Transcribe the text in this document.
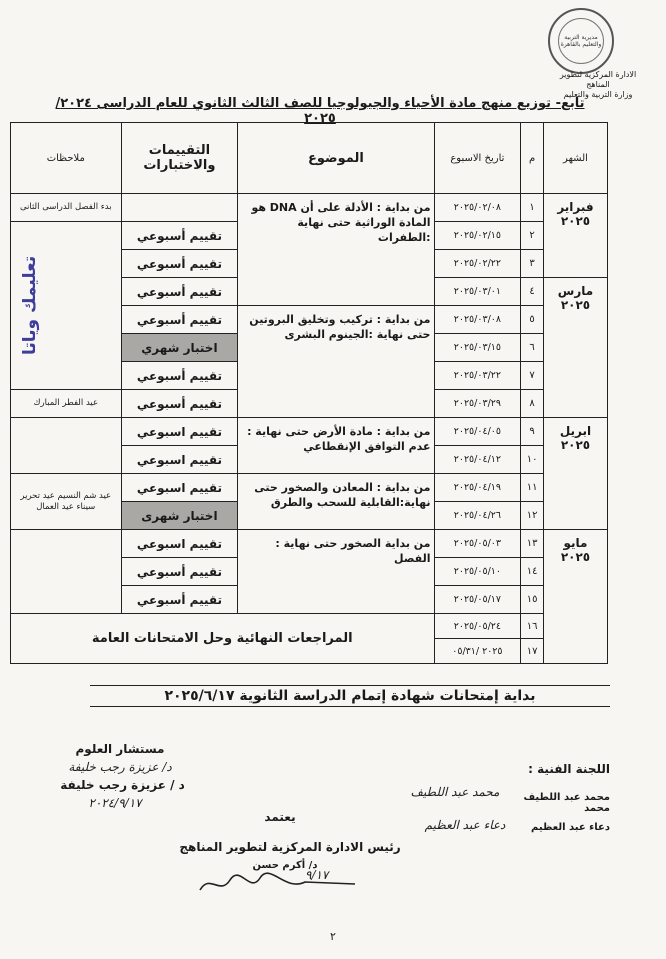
مديرية التربية والتعليم بالقاهرة
الادارة المركزية لتطوير المناهج
وزارة التربية والتعليم
تابع- توزيع منهج مادة الأحياء والجيولوجيا للصف الثالث الثانوي للعام الدراسى ٢٠٢٤/ ٢٠٢٥
الشهر	م	تاريخ الاسبوع	الموضوع	التقييمات والاختبارات	ملاحظات
فبراير ٢٠٢٥	١	٢٠٢٥/٠٢/٠٨	من بداية : الأدلة على أن DNA هو المادة الوراثية حتى نهاية :الطفرات		بدء الفصل الدراسى الثانى
	٢	٢٠٢٥/٠٢/١٥		تقييم أسبوعي	
	٣	٢٠٢٥/٠٢/٢٢		تقييم أسبوعي	
مارس ٢٠٢٥	٤	٢٠٢٥/٠٣/٠١		تقييم أسبوعي	
	٥	٢٠٢٥/٠٣/٠٨	من بداية : تركيب وتخليق البروتين حتى نهاية :الجينوم البشرى	تقييم أسبوعي	
	٦	٢٠٢٥/٠٣/١٥		اختبار شهري	
	٧	٢٠٢٥/٠٣/٢٢		تقييم أسبوعي	
	٨	٢٠٢٥/٠٣/٢٩		تقييم أسبوعي	عيد الفطر المبارك
ابريل ٢٠٢٥	٩	٢٠٢٥/٠٤/٠٥	من بداية : مادة الأرض حتى نهاية : عدم التوافق الإنقطاعي	تقييم اسبوعي	
	١٠	٢٠٢٥/٠٤/١٢		تقييم اسبوعي	
	١١	٢٠٢٥/٠٤/١٩	من بداية : المعادن والصخور حتى نهاية:القابلية للسحب والطرق	تقييم اسبوعي	عيد شم النسيم عيد تحرير سيناء عيد العمال
	١٢	٢٠٢٥/٠٤/٢٦		اختبار شهرى	
مايو ٢٠٢٥	١٣	٢٠٢٥/٠٥/٠٣	من بداية الصخور حتى نهاية : الفصل	تقييم اسبوعي	
	١٤	٢٠٢٥/٠٥/١٠		تقييم أسبوعي	
	١٥	٢٠٢٥/٠٥/١٧		تقييم أسبوعي	
	١٦	٢٠٢٥/٠٥/٢٤	المراجعات النهائية وحل الامتحانات العامة		
	١٧	٢٠٢٥ /٠٥/٣١			
بداية إمتحانات شهادة إتمام الدراسة الثانوية ٢٠٢٥/٦/١٧
تعليمك وياتا
مستشار العلوم
د/ عزيزة رجب خليفة
د / عزيزة رجب خليفة
٢٠٢٤/٩/١٧
اللجنة الفنية :
محمد عبد اللطيف محمد
محمد عبد اللطيف
دعاء عبد العظيم
دعاء عبد العظيم
يعتمد
رئيس الادارة المركزية لتطوير المناهج
د/ أكرم حسن
٩/١٧
٢
